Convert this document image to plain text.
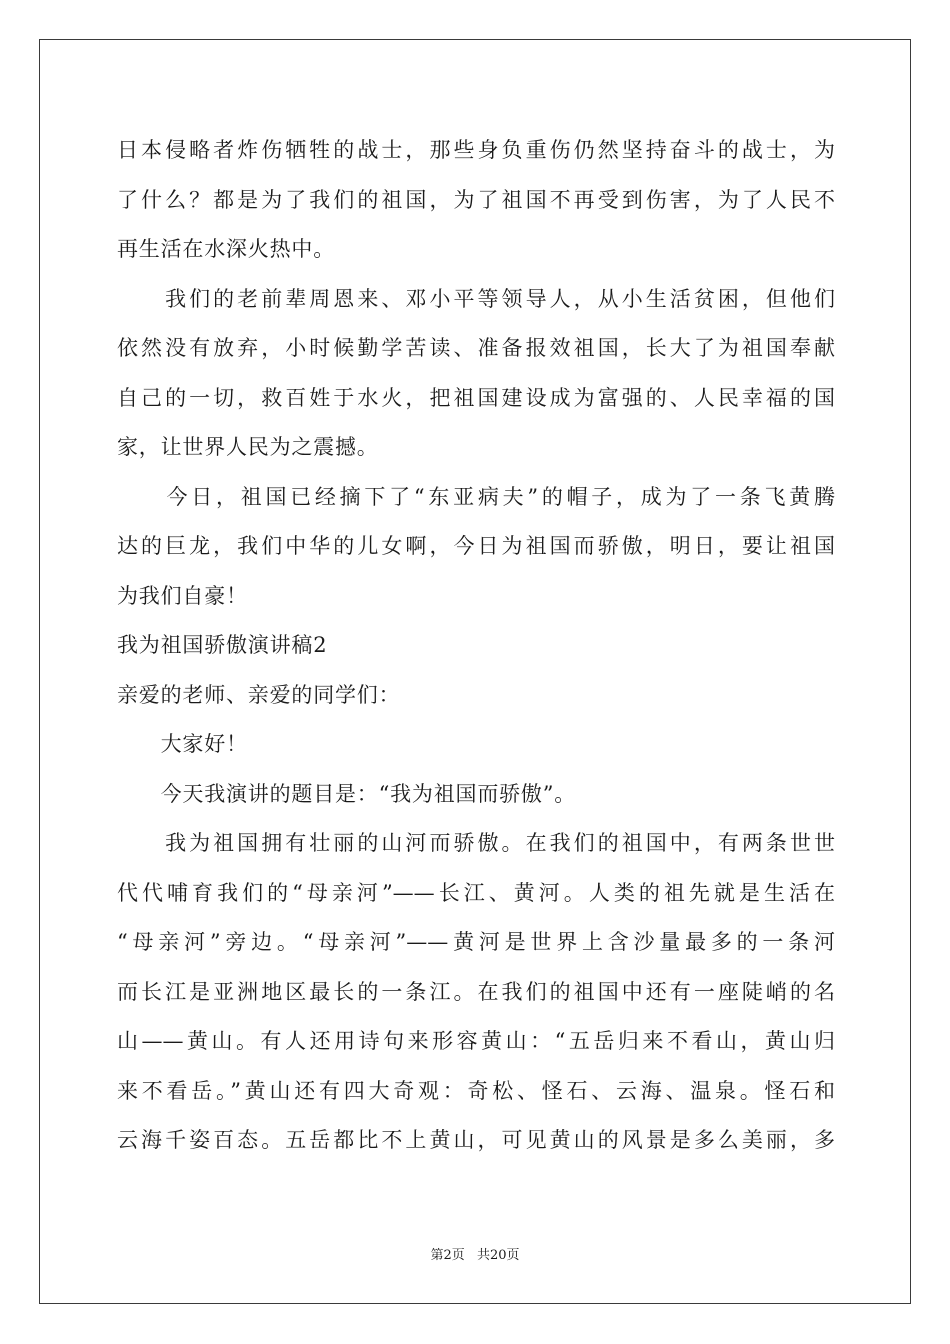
日本侵略者炸伤牺牲的战士，那些身负重伤仍然坚持奋斗的战士，为
了什么？都是为了我们的祖国，为了祖国不再受到伤害，为了人民不
再生活在水深火热中。
　　我们的老前辈周恩来、邓小平等领导人，从小生活贫困，但他们
依然没有放弃，小时候勤学苦读、准备报效祖国，长大了为祖国奉献
自己的一切，救百姓于水火，把祖国建设成为富强的、人民幸福的国
家，让世界人民为之震撼。
　　今日，祖国已经摘下了“东亚病夫”的帽子，成为了一条飞黄腾
达的巨龙，我们中华的儿女啊，今日为祖国而骄傲，明日，要让祖国
为我们自豪！
我为祖国骄傲演讲稿2
亲爱的老师、亲爱的同学们：
　　大家好！
　　今天我演讲的题目是：“我为祖国而骄傲”。
　　我为祖国拥有壮丽的山河而骄傲。在我们的祖国中，有两条世世
代代哺育我们的“母亲河”——长江、黄河。人类的祖先就是生活在
“母亲河”旁边。“母亲河”——黄河是世界上含沙量最多的一条河
而长江是亚洲地区最长的一条江。在我们的祖国中还有一座陡峭的名
山——黄山。有人还用诗句来形容黄山：“五岳归来不看山，黄山归
来不看岳。”黄山还有四大奇观：奇松、怪石、云海、温泉。怪石和
云海千姿百态。五岳都比不上黄山，可见黄山的风景是多么美丽，多
第2页 共20页
